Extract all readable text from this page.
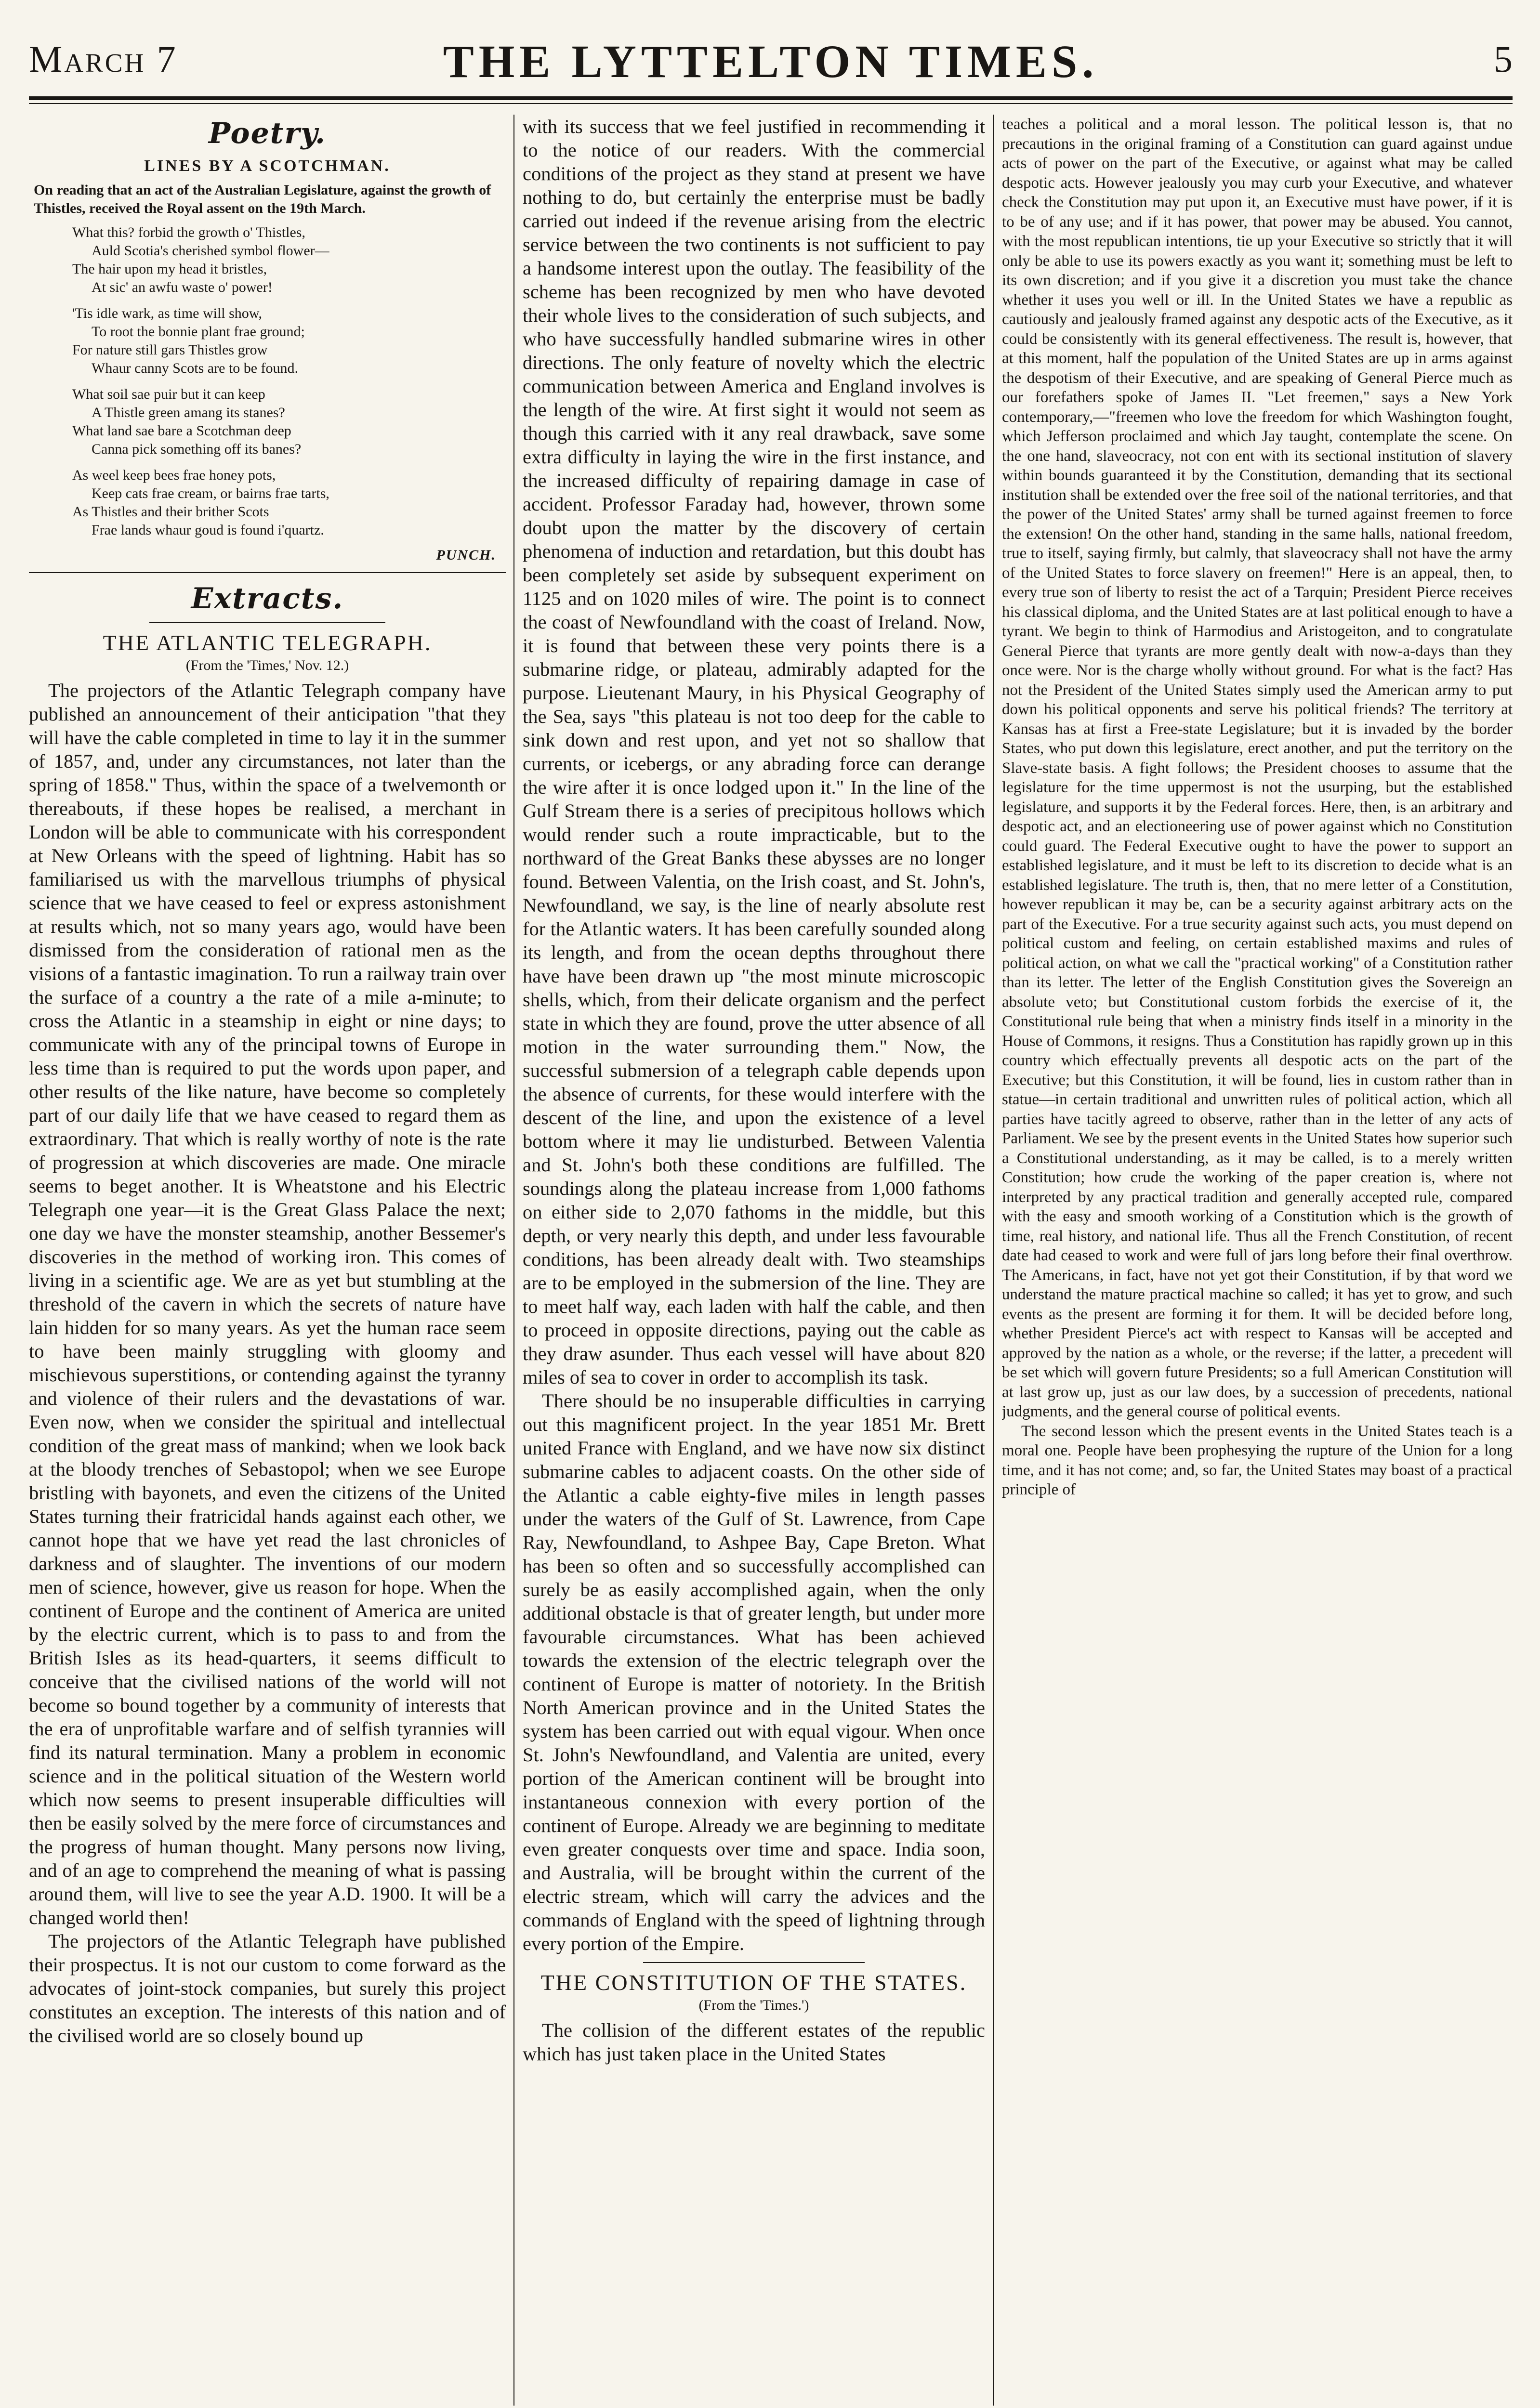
March 7	THE LYTTELTON TIMES.	5
Poetry.
LINES BY A SCOTCHMAN.
On reading that an act of the Australian Legislature, against the growth of Thistles, received the Royal assent on the 19th March.
What this? forbid the growth o' Thistles,
Auld Scotia's cherished symbol flower—
The hair upon my head it bristles,
At sic' an awfu waste o' power!
'Tis idle wark, as time will show,
To root the bonnie plant frae ground;
For nature still gars Thistles grow
Whaur canny Scots are to be found.
What soil sae puir but it can keep
A Thistle green amang its stanes?
What land sae bare a Scotchman deep
Canna pick something off its banes?
As weel keep bees frae honey pots,
Keep cats frae cream, or bairns frae tarts,
As Thistles and their brither Scots
Frae lands whaur goud is found i'quartz.
PUNCH.
Extracts.
THE ATLANTIC TELEGRAPH.
(From the 'Times,' Nov. 12.)

The projectors of the Atlantic Telegraph company have published an announcement of their anticipation "that they will have the cable completed in time to lay it in the summer of 1857, and, under any circumstances, not later than the spring of 1858." Thus, within the space of a twelvemonth or thereabouts, if these hopes be realised, a merchant in London will be able to communicate with his correspondent at New Orleans with the speed of lightning. Habit has so familiarised us with the marvellous triumphs of physical science that we have ceased to feel or express astonishment at results which, not so many years ago, would have been dismissed from the consideration of rational men as the visions of a fantastic imagination. To run a railway train over the surface of a country a the rate of a mile a-minute; to cross the Atlantic in a steamship in eight or nine days; to communicate with any of the principal towns of Europe in less time than is required to put the words upon paper, and other results of the like nature, have become so completely part of our daily life that we have ceased to regard them as extraordinary. That which is really worthy of note is the rate of progression at which discoveries are made. One miracle seems to beget another. It is Wheatstone and his Electric Telegraph one year—it is the Great Glass Palace the next; one day we have the monster steamship, another Bessemer's discoveries in the method of working iron. This comes of living in a scientific age. We are as yet but stumbling at the threshold of the cavern in which the secrets of nature have lain hidden for so many years. As yet the human race seem to have been mainly struggling with gloomy and mischievous superstitions, or contending against the tyranny and violence of their rulers and the devastations of war. Even now, when we consider the spiritual and intellectual condition of the great mass of mankind; when we look back at the bloody trenches of Sebastopol; when we see Europe bristling with bayonets, and even the citizens of the United States turning their fratricidal hands against each other, we cannot hope that we have yet read the last chronicles of darkness and of slaughter. The inventions of our modern men of science, however, give us reason for hope. When the continent of Europe and the continent of America are united by the electric current, which is to pass to and from the British Isles as its head-quarters, it seems difficult to conceive that the civilised nations of the world will not become so bound together by a community of interests that the era of unprofitable warfare and of selfish tyrannies will find its natural termination. Many a problem in economic science and in the political situation of the Western world which now seems to present insuperable difficulties will then be easily solved by the mere force of circumstances and the progress of human thought. Many persons now living, and of an age to comprehend the meaning of what is passing around them, will live to see the year A.D. 1900. It will be a changed world then!

The projectors of the Atlantic Telegraph have published their prospectus. It is not our custom to come forward as the advocates of joint-stock companies, but surely this project constitutes an exception. The interests of this nation and of the civilised world are so closely bound up

with its success that we feel justified in recommending it to the notice of our readers. With the commercial conditions of the project as they stand at present we have nothing to do, but certainly the enterprise must be badly carried out indeed if the revenue arising from the electric service between the two continents is not sufficient to pay a handsome interest upon the outlay. The feasibility of the scheme has been recognized by men who have devoted their whole lives to the consideration of such subjects, and who have successfully handled submarine wires in other directions. The only feature of novelty which the electric communication between America and England involves is the length of the wire. At first sight it would not seem as though this carried with it any real drawback, save some extra difficulty in laying the wire in the first instance, and the increased difficulty of repairing damage in case of accident. Professor Faraday had, however, thrown some doubt upon the matter by the discovery of certain phenomena of induction and retardation, but this doubt has been completely set aside by subsequent experiment on 1125 and on 1020 miles of wire. The point is to connect the coast of Newfoundland with the coast of Ireland. Now, it is found that between these very points there is a submarine ridge, or plateau, admirably adapted for the purpose. Lieutenant Maury, in his Physical Geography of the Sea, says "this plateau is not too deep for the cable to sink down and rest upon, and yet not so shallow that currents, or icebergs, or any abrading force can derange the wire after it is once lodged upon it." In the line of the Gulf Stream there is a series of precipitous hollows which would render such a route impracticable, but to the northward of the Great Banks these abysses are no longer found. Between Valentia, on the Irish coast, and St. John's, Newfoundland, we say, is the line of nearly absolute rest for the Atlantic waters. It has been carefully sounded along its length, and from the ocean depths throughout there have have been drawn up "the most minute microscopic shells, which, from their delicate organism and the perfect state in which they are found, prove the utter absence of all motion in the water surrounding them." Now, the successful submersion of a telegraph cable depends upon the absence of currents, for these would interfere with the descent of the line, and upon the existence of a level bottom where it may lie undisturbed. Between Valentia and St. John's both these conditions are fulfilled. The soundings along the plateau increase from 1,000 fathoms on either side to 2,070 fathoms in the middle, but this depth, or very nearly this depth, and under less favourable conditions, has been already dealt with. Two steamships are to be employed in the submersion of the line. They are to meet half way, each laden with half the cable, and then to proceed in opposite directions, paying out the cable as they draw asunder. Thus each vessel will have about 820 miles of sea to cover in order to accomplish its task.

There should be no insuperable difficulties in carrying out this magnificent project. In the year 1851 Mr. Brett united France with England, and we have now six distinct submarine cables to adjacent coasts. On the other side of the Atlantic a cable eighty-five miles in length passes under the waters of the Gulf of St. Lawrence, from Cape Ray, Newfoundland, to Ashpee Bay, Cape Breton. What has been so often and so successfully accomplished can surely be as easily accomplished again, when the only additional obstacle is that of greater length, but under more favourable circumstances. What has been achieved towards the extension of the electric telegraph over the continent of Europe is matter of notoriety. In the British North American province and in the United States the system has been carried out with equal vigour. When once St. John's Newfoundland, and Valentia are united, every portion of the American continent will be brought into instantaneous connexion with every portion of the continent of Europe. Already we are beginning to meditate even greater conquests over time and space. India soon, and Australia, will be brought within the current of the electric stream, which will carry the advices and the commands of England with the speed of lightning through every portion of the Empire.

THE CONSTITUTION OF THE STATES.
(From the 'Times.')

The collision of the different estates of the republic which has just taken place in the United States

teaches a political and a moral lesson. The political lesson is, that no precautions in the original framing of a Constitution can guard against undue acts of power on the part of the Executive, or against what may be called despotic acts. However jealously you may curb your Executive, and whatever check the Constitution may put upon it, an Executive must have power, if it is to be of any use; and if it has power, that power may be abused. You cannot, with the most republican intentions, tie up your Executive so strictly that it will only be able to use its powers exactly as you want it; something must be left to its own discretion; and if you give it a discretion you must take the chance whether it uses you well or ill. In the United States we have a republic as cautiously and jealously framed against any despotic acts of the Executive, as it could be consistently with its general effectiveness. The result is, however, that at this moment, half the population of the United States are up in arms against the despotism of their Executive, and are speaking of General Pierce much as our forefathers spoke of James II. "Let freemen," says a New York contemporary,—"freemen who love the freedom for which Washington fought, which Jefferson proclaimed and which Jay taught, contemplate the scene. On the one hand, slaveocracy, not con ent with its sectional institution of slavery within bounds guaranteed it by the Constitution, demanding that its sectional institution shall be extended over the free soil of the national territories, and that the power of the United States' army shall be turned against freemen to force the extension! On the other hand, standing in the same halls, national freedom, true to itself, saying firmly, but calmly, that slaveocracy shall not have the army of the United States to force slavery on freemen!" Here is an appeal, then, to every true son of liberty to resist the act of a Tarquin; President Pierce receives his classical diploma, and the United States are at last political enough to have a tyrant. We begin to think of Harmodius and Aristogeiton, and to congratulate General Pierce that tyrants are more gently dealt with now-a-days than they once were. Nor is the charge wholly without ground. For what is the fact? Has not the President of the United States simply used the American army to put down his political opponents and serve his political friends? The territory at Kansas has at first a Free-state Legislature; but it is invaded by the border States, who put down this legislature, erect another, and put the territory on the Slave-state basis. A fight follows; the President chooses to assume that the legislature for the time uppermost is not the usurping, but the established legislature, and supports it by the Federal forces. Here, then, is an arbitrary and despotic act, and an electioneering use of power against which no Constitution could guard. The Federal Executive ought to have the power to support an established legislature, and it must be left to its discretion to decide what is an established legislature. The truth is, then, that no mere letter of a Constitution, however republican it may be, can be a security against arbitrary acts on the part of the Executive. For a true security against such acts, you must depend on political custom and feeling, on certain established maxims and rules of political action, on what we call the "practical working" of a Constitution rather than its letter. The letter of the English Constitution gives the Sovereign an absolute veto; but Constitutional custom forbids the exercise of it, the Constitutional rule being that when a ministry finds itself in a minority in the House of Commons, it resigns. Thus a Constitution has rapidly grown up in this country which effectually prevents all despotic acts on the part of the Executive; but this Constitution, it will be found, lies in custom rather than in statue—in certain traditional and unwritten rules of political action, which all parties have tacitly agreed to observe, rather than in the letter of any acts of Parliament. We see by the present events in the United States how superior such a Constitutional understanding, as it may be called, is to a merely written Constitution; how crude the working of the paper creation is, where not interpreted by any practical tradition and generally accepted rule, compared with the easy and smooth working of a Constitution which is the growth of time, real history, and national life. Thus all the French Constitution, of recent date had ceased to work and were full of jars long before their final overthrow. The Americans, in fact, have not yet got their Constitution, if by that word we understand the mature practical machine so called; it has yet to grow, and such events as the present are forming it for them. It will be decided before long, whether President Pierce's act with respect to Kansas will be accepted and approved by the nation as a whole, or the reverse; if the latter, a precedent will be set which will govern future Presidents; so a full American Constitution will at last grow up, just as our law does, by a succession of precedents, national judgments, and the general course of political events.

The second lesson which the present events in the United States teach is a moral one. People have been prophesying the rupture of the Union for a long time, and it has not come; and, so far, the United States may boast of a practical principle of
